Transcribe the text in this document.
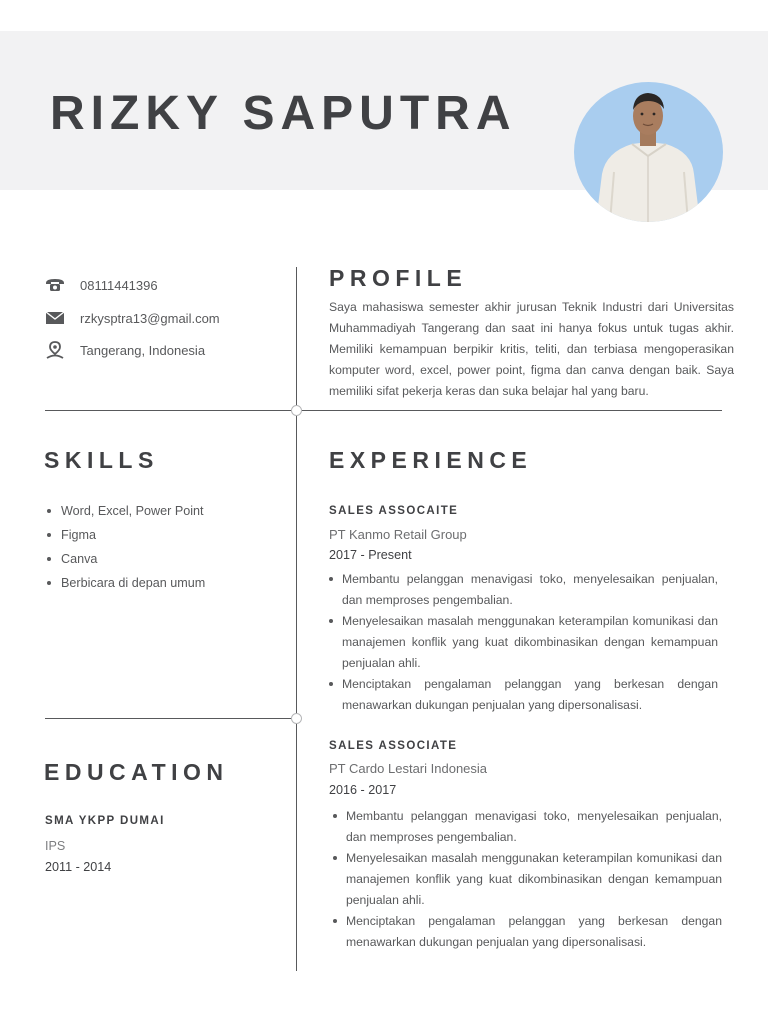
RIZKY SAPUTRA
08111441396
rzkysptra13@gmail.com
Tangerang, Indonesia
PROFILE

Saya mahasiswa semester akhir jurusan Teknik Industri dari Universitas Muhammadiyah Tangerang dan saat ini hanya fokus untuk tugas akhir. Memiliki kemampuan berpikir kritis, teliti, dan terbiasa mengoperasikan komputer word, excel, power point, figma dan canva dengan baik. Saya memiliki sifat pekerja keras dan suka belajar hal yang baru.

SKILLS
Word, Excel, Power Point
Figma
Canva
Berbicara di depan umum
EXPERIENCE
SALES ASSOCAITE
PT Kanmo Retail Group
2017 - Present
Membantu pelanggan menavigasi toko, menyelesaikan penjualan, dan memproses pengembalian.
Menyelesaikan masalah menggunakan keterampilan komunikasi dan manajemen konflik yang kuat dikombinasikan dengan kemampuan penjualan ahli.
Menciptakan pengalaman pelanggan yang berkesan dengan menawarkan dukungan penjualan yang dipersonalisasi.
SALES ASSOCIATE
PT Cardo Lestari Indonesia
2016 - 2017
Membantu pelanggan menavigasi toko, menyelesaikan penjualan, dan memproses pengembalian.
Menyelesaikan masalah menggunakan keterampilan komunikasi dan manajemen konflik yang kuat dikombinasikan dengan kemampuan penjualan ahli.
Menciptakan pengalaman pelanggan yang berkesan dengan menawarkan dukungan penjualan yang dipersonalisasi.
EDUCATION
SMA YKPP DUMAI
IPS
2011 - 2014
